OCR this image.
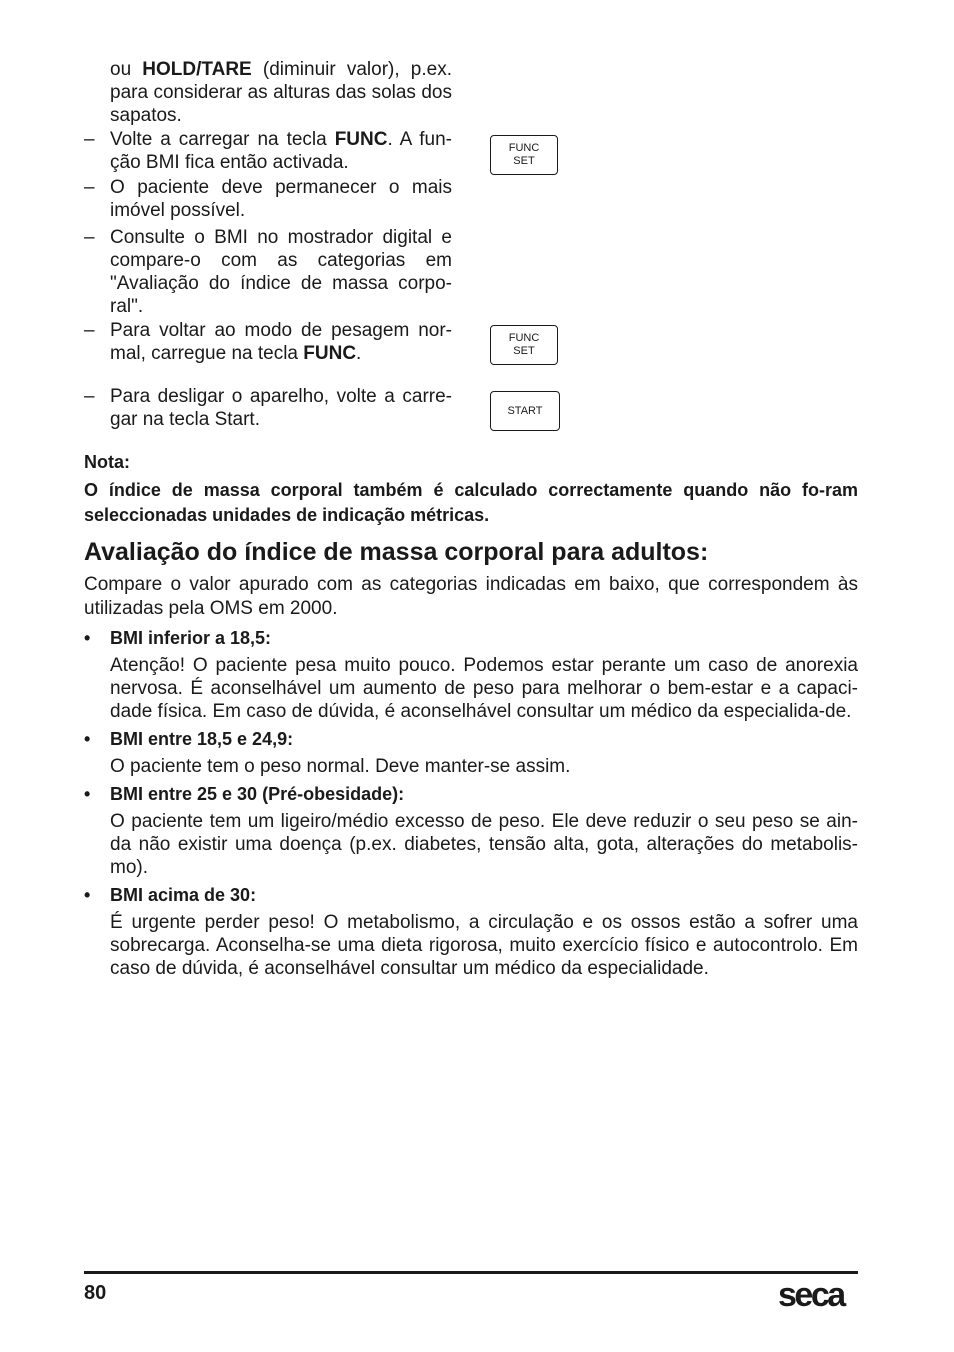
ou HOLD/TARE (diminuir valor), p.ex. para considerar as alturas das solas dos sapatos.
– Volte a carregar na tecla FUNC. A fun-ção BMI fica então activada.
– O paciente deve permanecer o mais imóvel possível.
– Consulte o BMI no mostrador digital e compare-o com as categorias em "Avaliação do índice de massa corpo-ral".
– Para voltar ao modo de pesagem nor-mal, carregue na tecla FUNC.
– Para desligar o aparelho, volte a carre-gar na tecla Start.
FUNC
SET
FUNC
SET
START
Nota:
O índice de massa corporal também é calculado correctamente quando não fo-ram seleccionadas unidades de indicação métricas.
Avaliação do índice de massa corporal para adultos:
Compare o valor apurado com as categorias indicadas em baixo, que correspondem às utilizadas pela OMS em 2000.
• BMI inferior a 18,5:
Atenção! O paciente pesa muito pouco. Podemos estar perante um caso de anorexia nervosa. É aconselhável um aumento de peso para melhorar o bem-estar e a capaci-dade física. Em caso de dúvida, é aconselhável consultar um médico da especialida-de.
• BMI entre 18,5 e 24,9:
O paciente tem o peso normal. Deve manter-se assim.
• BMI entre 25 e 30 (Pré-obesidade):
O paciente tem um ligeiro/médio excesso de peso. Ele deve reduzir o seu peso se ain-da não existir uma doença (p.ex. diabetes, tensão alta, gota, alterações do metabolis-mo).
• BMI acima de 30:
É urgente perder peso! O metabolismo, a circulação e os ossos estão a sofrer uma sobrecarga. Aconselha-se uma dieta rigorosa, muito exercício físico e autocontrolo. Em caso de dúvida, é aconselhável consultar um médico da especialidade.
80	seca
